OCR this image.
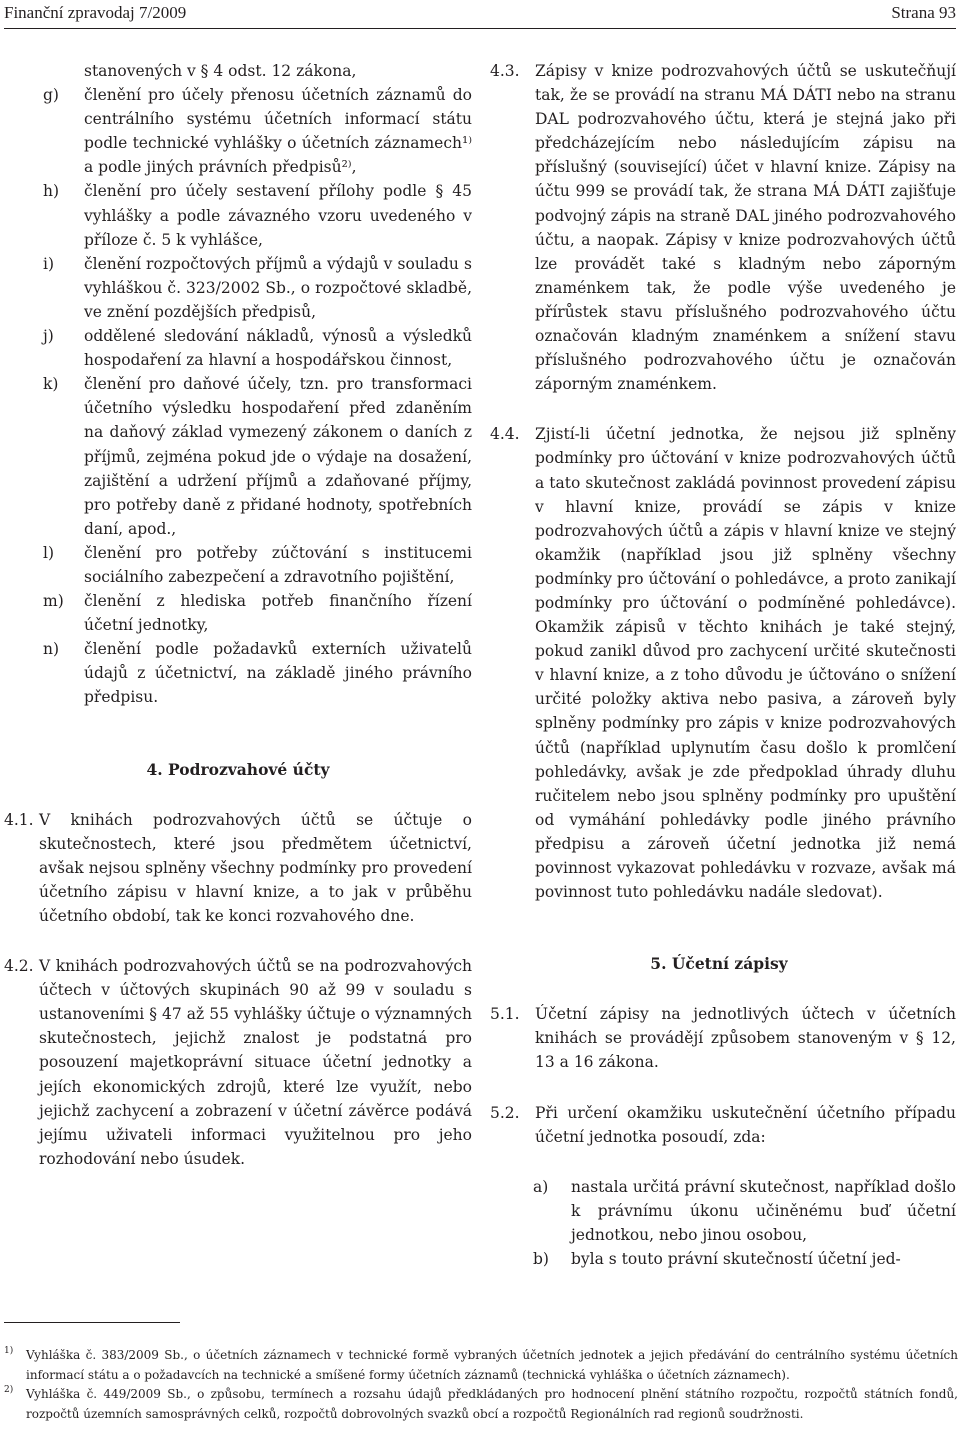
Finanční zpravodaj 7/2009	Strana 93
stanovených v § 4 odst. 12 zákona,
g) členění pro účely přenosu účetních záznamů do centrálního systému účetních informací státu podle technické vyhlášky o účetních záznamech¹⁾ a podle jiných právních předpisů²⁾,
h) členění pro účely sestavení přílohy podle § 45 vyhlášky a podle závazného vzoru uvedeného v příloze č. 5 k vyhlášce,
i) členění rozpočtových příjmů a výdajů v souladu s vyhláškou č. 323/2002 Sb., o rozpočtové skladbě, ve znění pozdějších předpisů,
j) oddělené sledování nákladů, výnosů a výsledků hospodaření za hlavní a hospodářskou činnost,
k) členění pro daňové účely, tzn. pro transformaci účetního výsledku hospodaření před zdaněním na daňový základ vymezený zákonem o daních z příjmů, zejména pokud jde o výdaje na dosažení, zajištění a udržení příjmů a zdaňované příjmy, pro potřeby daně z přidané hodnoty, spotřebních daní, apod.,
l) členění pro potřeby zúčtování s institucemi sociálního zabezpečení a zdravotního pojištění,
m) členění z hlediska potřeb finančního řízení účetní jednotky,
n) členění podle požadavků externích uživatelů údajů z účetnictví, na základě jiného právního předpisu.
4. Podrozvahové účty
4.1. V knihách podrozvahových účtů se účtuje o skutečnostech, které jsou předmětem účetnictví, avšak nejsou splněny všechny podmínky pro provedení účetního zápisu v hlavní knize, a to jak v průběhu účetního období, tak ke konci rozvahového dne.
4.2. V knihách podrozvahových účtů se na podrozvahových účtech v účtových skupinách 90 až 99 v souladu s ustanoveními § 47 až 55 vyhlášky účtuje o významných skutečnostech, jejichž znalost je podstatná pro posouzení majetkoprávní situace účetní jednotky a jejích ekonomických zdrojů, které lze využít, nebo jejichž zachycení a zobrazení v účetní závěrce podává jejímu uživateli informaci využitelnou pro jeho rozhodování nebo úsudek.
4.3. Zápisy v knize podrozvahových účtů se uskutečňují tak, že se provádí na stranu MÁ DÁTI nebo na stranu DAL podrozvahového účtu, která je stejná jako při předcházejícím nebo následujícím zápisu na příslušný (související) účet v hlavní knize. Zápisy na účtu 999 se provádí tak, že strana MÁ DÁTI zajišťuje podvojný zápis na straně DAL jiného podrozvahového účtu, a naopak. Zápisy v knize podrozvahových účtů lze provádět také s kladným nebo záporným znaménkem tak, že podle výše uvedeného je přírůstek stavu příslušného podrozvahového účtu označován kladným znaménkem a snížení stavu příslušného podrozvahového účtu je označován záporným znaménkem.
4.4. Zjistí-li účetní jednotka, že nejsou již splněny podmínky pro účtování v knize podrozvahových účtů a tato skutečnost zakládá povinnost provedení zápisu v hlavní knize, provádí se zápis v knize podrozvahových účtů a zápis v hlavní knize ve stejný okamžik (například jsou již splněny všechny podmínky pro účtování o pohledávce, a proto zanikají podmínky pro účtování o podmíněné pohledávce). Okamžik zápisů v těchto knihách je také stejný, pokud zanikl důvod pro zachycení určité skutečnosti v hlavní knize, a z toho důvodu je účtováno o snížení určité položky aktiva nebo pasiva, a zároveň byly splněny podmínky pro zápis v knize podrozvahových účtů (například uplynutím času došlo k promlčení pohledávky, avšak je zde předpoklad úhrady dluhu ručitelem nebo jsou splněny podmínky pro upuštění od vymáhání pohledávky podle jiného právního předpisu a zároveň účetní jednotka již nemá povinnost vykazovat pohledávku v rozvaze, avšak má povinnost tuto pohledávku nadále sledovat).
5. Účetní zápisy
5.1. Účetní zápisy na jednotlivých účtech v účetních knihách se provádějí způsobem stanoveným v § 12, 13 a 16 zákona.
5.2. Při určení okamžiku uskutečnění účetního případu účetní jednotka posoudí, zda:
a) nastala určitá právní skutečnost, například došlo k právnímu úkonu učiněnému buď účetní jednotkou, nebo jinou osobou,
b) byla s touto právní skutečností účetní jed-
1) Vyhláška č. 383/2009 Sb., o účetních záznamech v technické formě vybraných účetních jednotek a jejich předávání do centrálního systému účetních informací státu a o požadavcích na technické a smíšené formy účetních záznamů (technická vyhláška o účetních záznamech).
2) Vyhláška č. 449/2009 Sb., o způsobu, termínech a rozsahu údajů předkládaných pro hodnocení plnění státního rozpočtu, rozpočtů státních fondů, rozpočtů územních samosprávných celků, rozpočtů dobrovolných svazků obcí a rozpočtů Regionálních rad regionů soudržnosti.
